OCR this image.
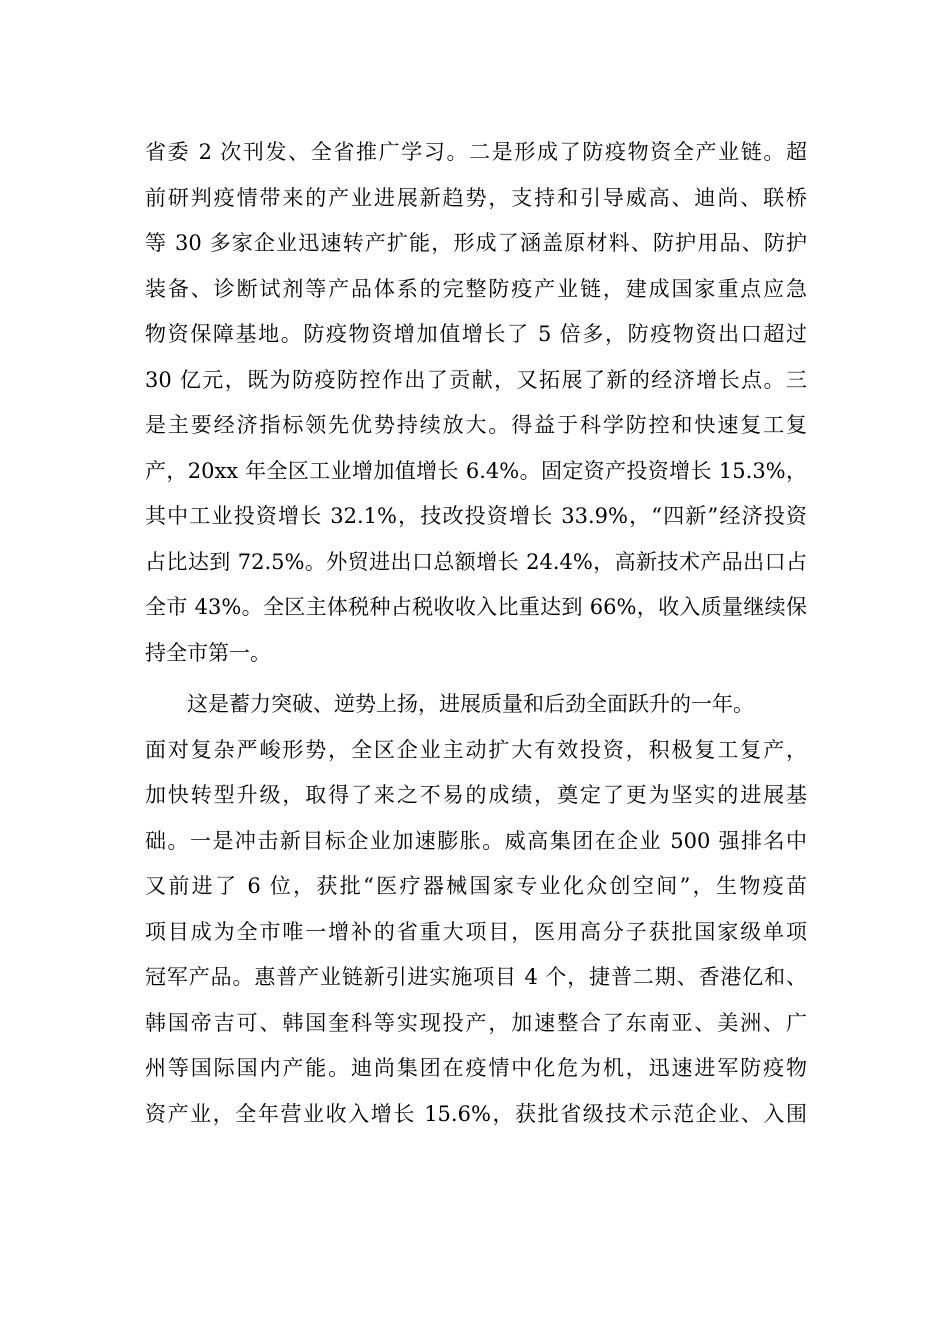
省委 2 次刊发、全省推广学习。二是形成了防疫物资全产业链。超
前研判疫情带来的产业进展新趋势，支持和引导威高、迪尚、联桥
等 30 多家企业迅速转产扩能，形成了涵盖原材料、防护用品、防护
装备、诊断试剂等产品体系的完整防疫产业链，建成国家重点应急
物资保障基地。防疫物资增加值增长了 5 倍多，防疫物资出口超过
30 亿元，既为防疫防控作出了贡献，又拓展了新的经济增长点。三
是主要经济指标领先优势持续放大。得益于科学防控和快速复工复
产，20xx 年全区工业增加值增长 6.4%。固定资产投资增长 15.3%，
其中工业投资增长 32.1%，技改投资增长 33.9%，“四新”经济投资
占比达到 72.5%。外贸进出口总额增长 24.4%，高新技术产品出口占
全市 43%。全区主体税种占税收收入比重达到 66%，收入质量继续保
持全市第一。
这是蓄力突破、逆势上扬，进展质量和后劲全面跃升的一年。
面对复杂严峻形势，全区企业主动扩大有效投资，积极复工复产，
加快转型升级，取得了来之不易的成绩，奠定了更为坚实的进展基
础。一是冲击新目标企业加速膨胀。威高集团在企业 500 强排名中
又前进了 6 位，获批“医疗器械国家专业化众创空间”，生物疫苗
项目成为全市唯一增补的省重大项目，医用高分子获批国家级单项
冠军产品。惠普产业链新引进实施项目 4 个，捷普二期、香港亿和、
韩国帝吉可、韩国奎科等实现投产，加速整合了东南亚、美洲、广
州等国际国内产能。迪尚集团在疫情中化危为机，迅速进军防疫物
资产业，全年营业收入增长 15.6%，获批省级技术示范企业、入围
